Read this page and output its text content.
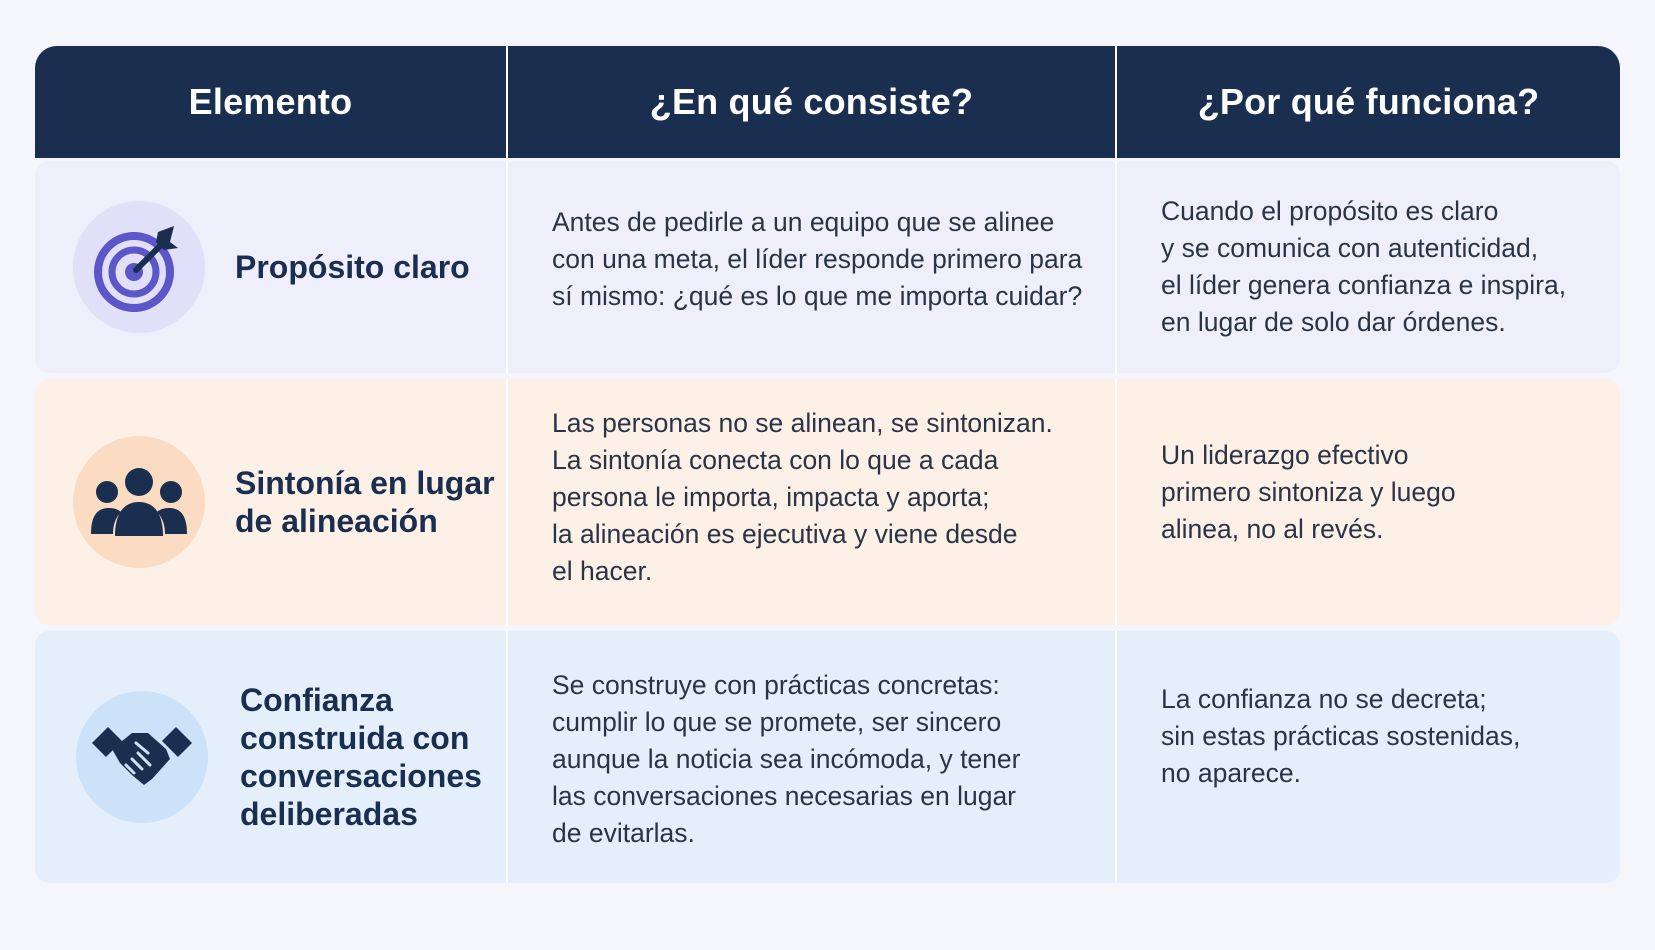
Elemento	¿En qué consiste?	¿Por qué funciona?
Propósito claro
Antes de pedirle a un equipo que se alinee
con una meta, el líder responde primero para
sí mismo: ¿qué es lo que me importa cuidar?
Cuando el propósito es claro
y se comunica con autenticidad,
el líder genera confianza e inspira,
en lugar de solo dar órdenes.
Sintonía en lugar
de alineación
Las personas no se alinean, se sintonizan.
La sintonía conecta con lo que a cada
persona le importa, impacta y aporta;
la alineación es ejecutiva y viene desde
el hacer.
Un liderazgo efectivo
primero sintoniza y luego
alinea, no al revés.
Confianza
construida con
conversaciones
deliberadas
Se construye con prácticas concretas:
cumplir lo que se promete, ser sincero
aunque la noticia sea incómoda, y tener
las conversaciones necesarias en lugar
de evitarlas.
La confianza no se decreta;
sin estas prácticas sostenidas,
no aparece.
